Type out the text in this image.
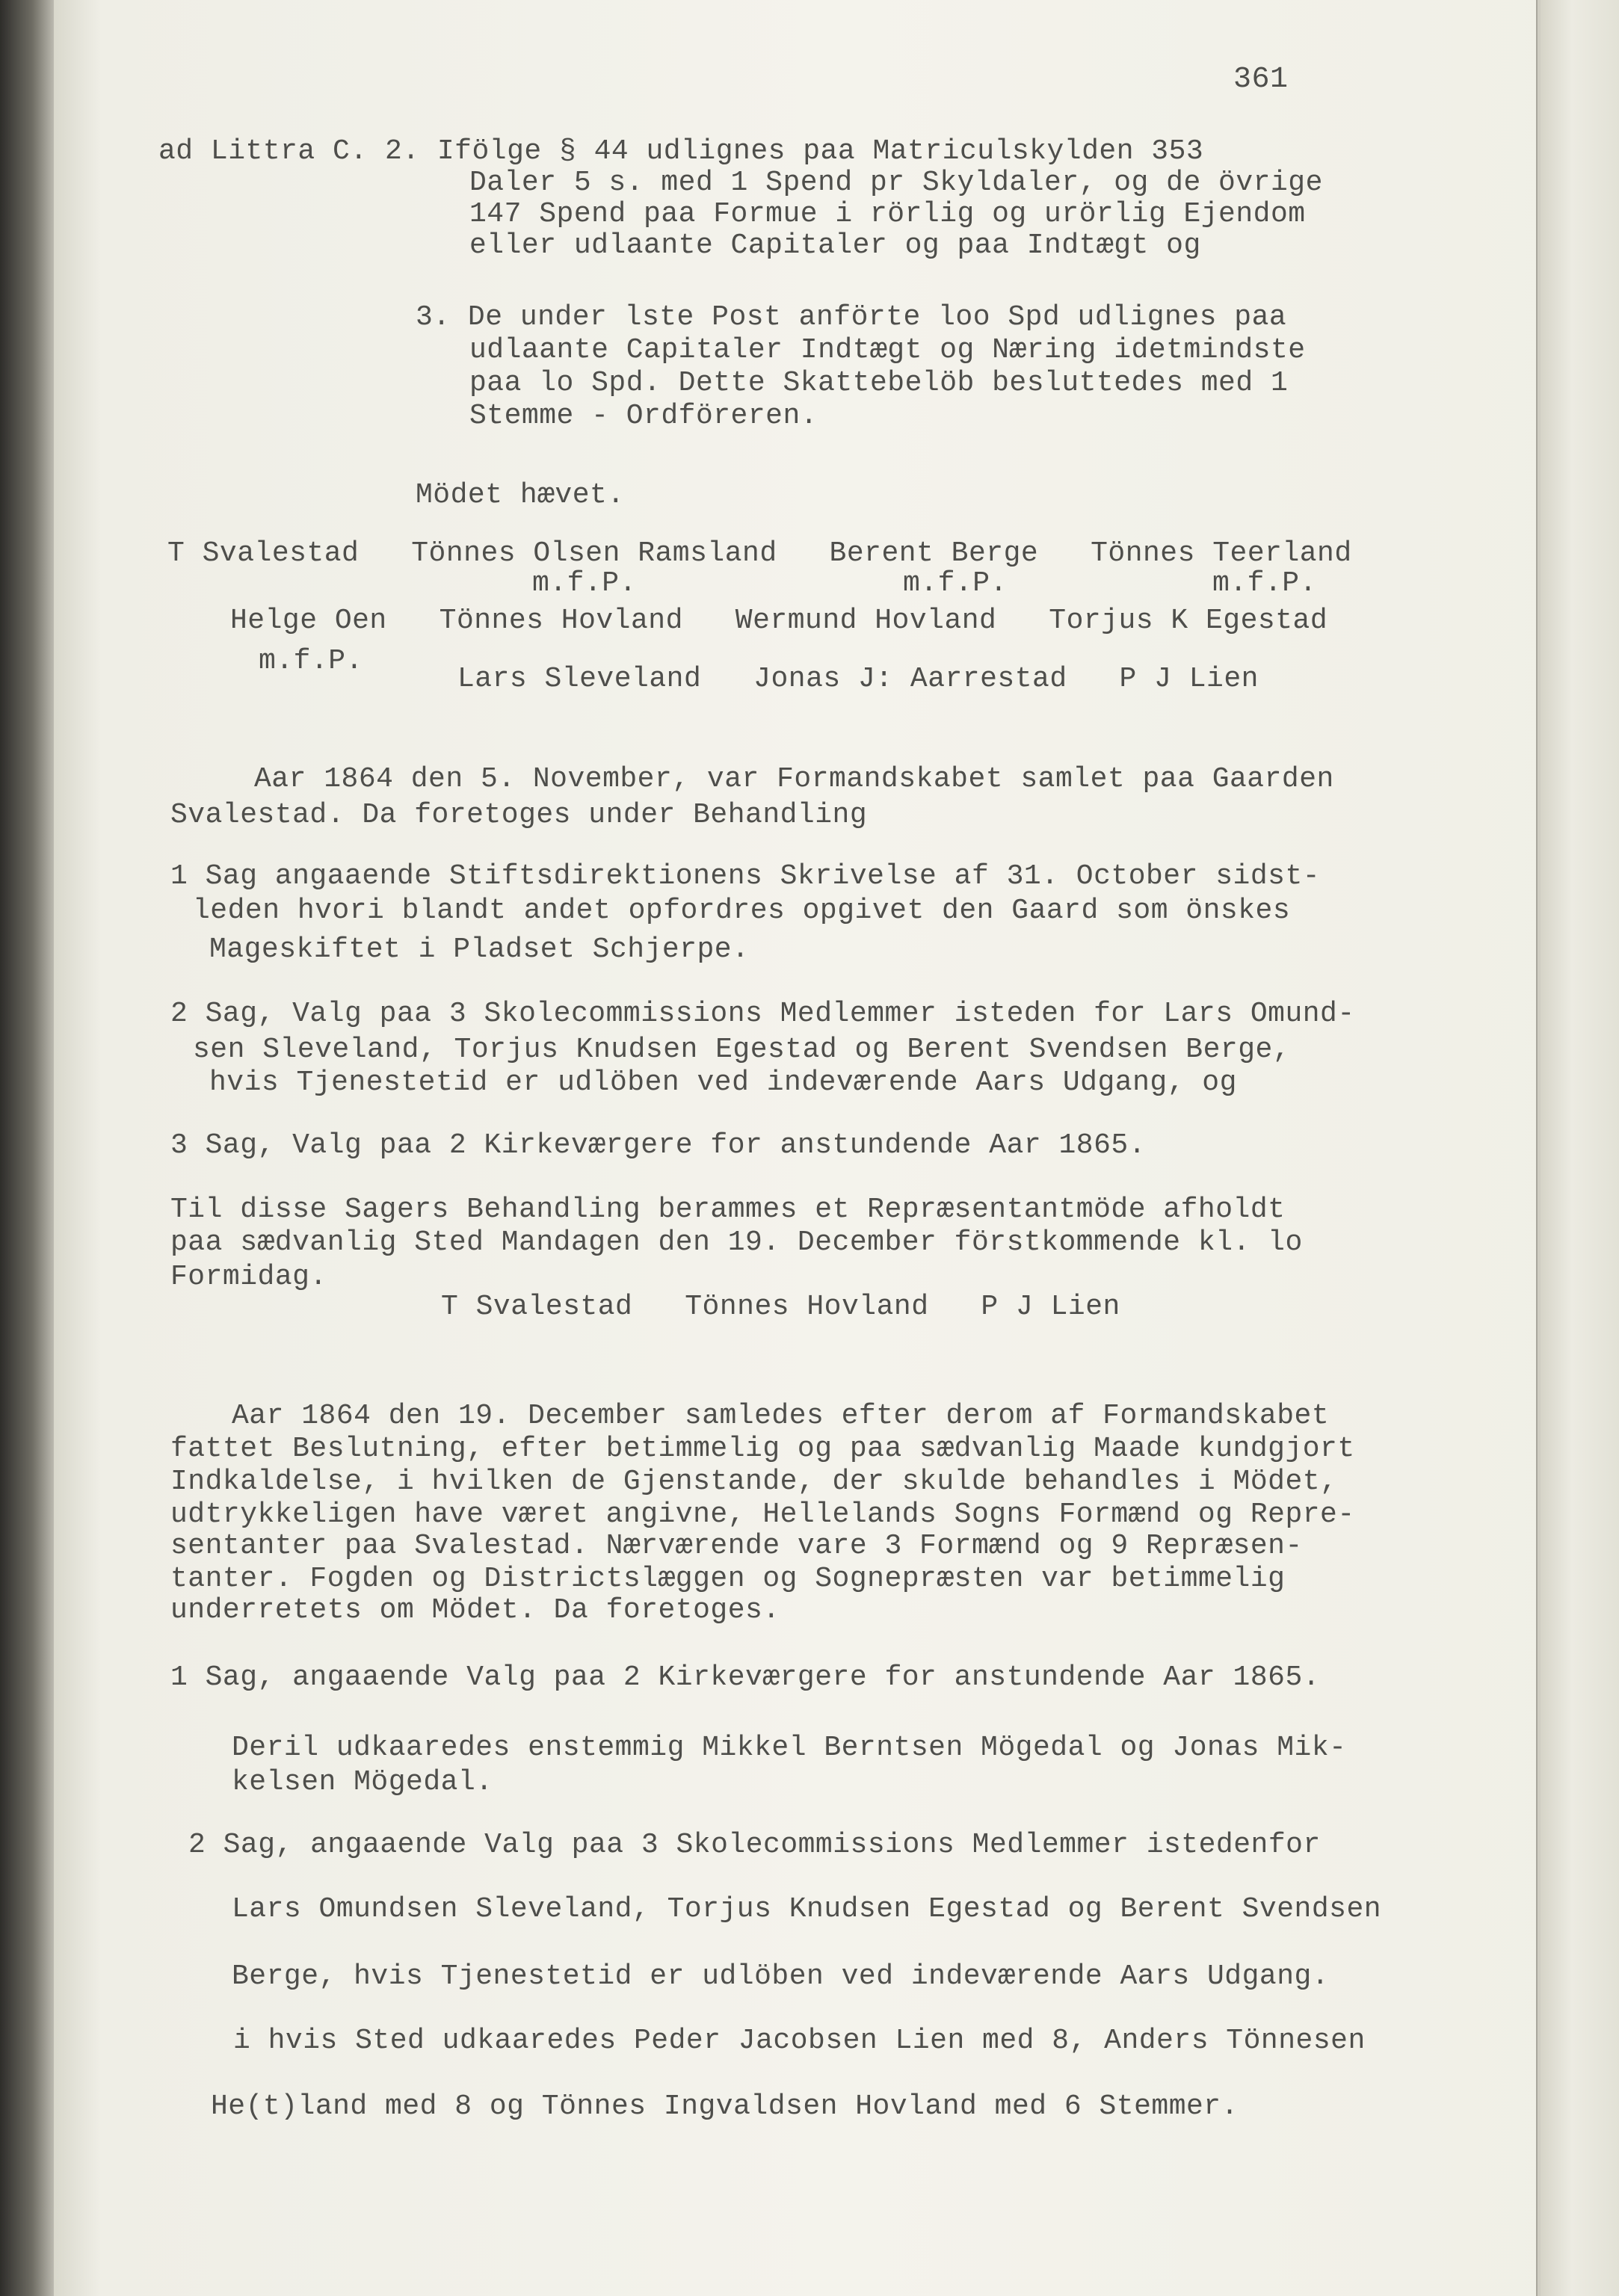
361
ad Littra C. 2. Ifölge § 44 udlignes paa Matriculskylden 353
Daler 5 s. med 1 Spend pr Skyldaler, og de övrige
147 Spend paa Formue i rörlig og urörlig Ejendom
eller udlaante Capitaler og paa Indtægt og
3. De under lste Post anförte loo Spd udlignes paa
udlaante Capitaler Indtægt og Næring idetmindste
paa lo Spd. Dette Skattebelöb besluttedes med 1
Stemme - Ordföreren.
Mödet hævet.
T Svalestad   Tönnes Olsen Ramsland   Berent Berge   Tönnes Teerland
m.f.P.	m.f.P.	m.f.P.
Helge Oen   Tönnes Hovland   Wermund Hovland   Torjus K Egestad
m.f.P.
Lars Sleveland   Jonas J: Aarrestad   P J Lien
Aar 1864 den 5. November, var Formandskabet samlet paa Gaarden
Svalestad. Da foretoges under Behandling
1 Sag angaaende Stiftsdirektionens Skrivelse af 31. October sidst-
leden hvori blandt andet opfordres opgivet den Gaard som önskes
Mageskiftet i Pladset Schjerpe.
2 Sag, Valg paa 3 Skolecommissions Medlemmer isteden for Lars Omund-
sen Sleveland, Torjus Knudsen Egestad og Berent Svendsen Berge,
hvis Tjenestetid er udlöben ved indeværende Aars Udgang, og
3 Sag, Valg paa 2 Kirkeværgere for anstundende Aar 1865.
Til disse Sagers Behandling berammes et Repræsentantmöde afholdt
paa sædvanlig Sted Mandagen den 19. December förstkommende kl. lo
Formidag.
T Svalestad   Tönnes Hovland   P J Lien
Aar 1864 den 19. December samledes efter derom af Formandskabet
fattet Beslutning, efter betimmelig og paa sædvanlig Maade kundgjort
Indkaldelse, i hvilken de Gjenstande, der skulde behandles i Mödet,
udtrykkeligen have været angivne, Hellelands Sogns Formænd og Repre-
sentanter paa Svalestad. Nærværende vare 3 Formænd og 9 Repræsen-
tanter. Fogden og Districtslæggen og Sognepræsten var betimmelig
underretets om Mödet. Da foretoges.
1 Sag, angaaende Valg paa 2 Kirkeværgere for anstundende Aar 1865.
Deril udkaaredes enstemmig Mikkel Berntsen Mögedal og Jonas Mik-
kelsen Mögedal.
2 Sag, angaaende Valg paa 3 Skolecommissions Medlemmer istedenfor
Lars Omundsen Sleveland, Torjus Knudsen Egestad og Berent Svendsen
Berge, hvis Tjenestetid er udlöben ved indeværende Aars Udgang.
i hvis Sted udkaaredes Peder Jacobsen Lien med 8, Anders Tönnesen
He(t)land med 8 og Tönnes Ingvaldsen Hovland med 6 Stemmer.
